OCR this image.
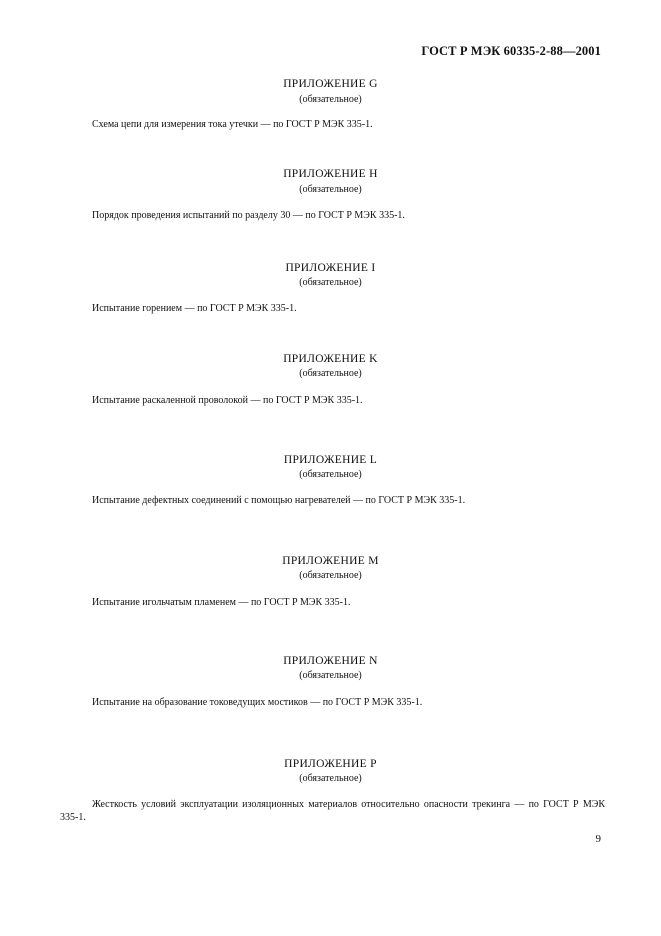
ГОСТ Р МЭК 60335-2-88—2001
ПРИЛОЖЕНИЕ G
(обязательное)
Схема цепи для измерения тока утечки — по ГОСТ Р МЭК 335-1.
ПРИЛОЖЕНИЕ H
(обязательное)
Порядок проведения испытаний по разделу 30 — по ГОСТ Р МЭК 335-1.
ПРИЛОЖЕНИЕ I
(обязательное)
Испытание горением — по ГОСТ Р МЭК 335-1.
ПРИЛОЖЕНИЕ K
(обязательное)
Испытание раскаленной проволокой — по ГОСТ Р МЭК 335-1.
ПРИЛОЖЕНИЕ L
(обязательное)
Испытание дефектных соединений с помощью нагревателей — по ГОСТ Р МЭК 335-1.
ПРИЛОЖЕНИЕ M
(обязательное)
Испытание игольчатым пламенем — по ГОСТ Р МЭК 335-1.
ПРИЛОЖЕНИЕ N
(обязательное)
Испытание на образование токоведущих мостиков — по ГОСТ Р МЭК 335-1.
ПРИЛОЖЕНИЕ P
(обязательное)
Жесткость условий эксплуатации изоляционных материалов относительно опасности трекинга — по ГОСТ Р МЭК 335-1.
9
